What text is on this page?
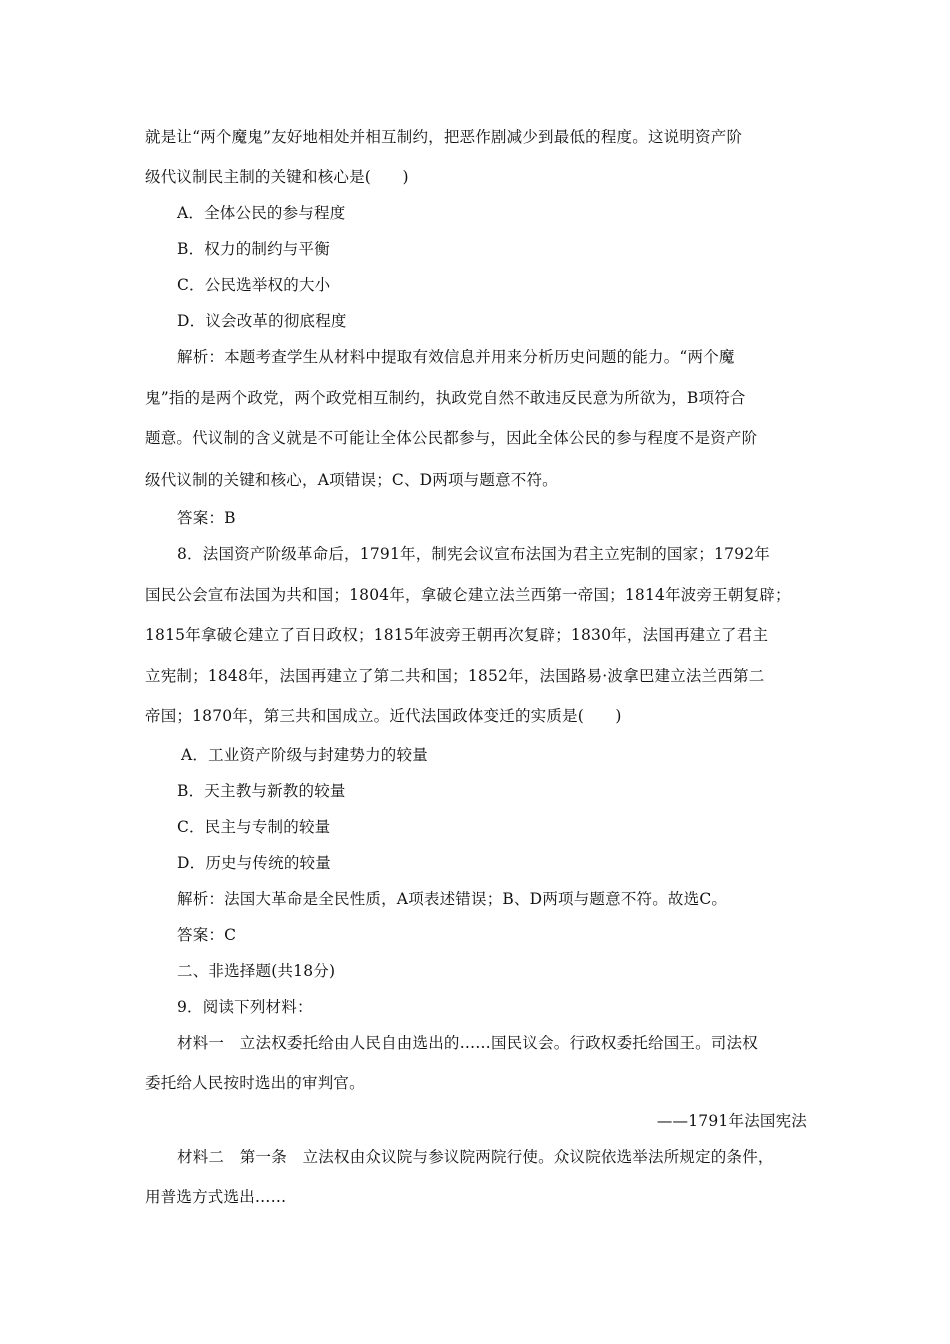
就是让“两个魔鬼”友好地相处并相互制约，把恶作剧减少到最低的程度。这说明资产阶
级代议制民主制的关键和核心是(　　)
A．全体公民的参与程度
B．权力的制约与平衡
C．公民选举权的大小
D．议会改革的彻底程度
解析：本题考查学生从材料中提取有效信息并用来分析历史问题的能力。“两个魔
鬼”指的是两个政党，两个政党相互制约，执政党自然不敢违反民意为所欲为，B项符合
题意。代议制的含义就是不可能让全体公民都参与，因此全体公民的参与程度不是资产阶
级代议制的关键和核心，A项错误；C、D两项与题意不符。
答案：B
8．法国资产阶级革命后，1791年，制宪会议宣布法国为君主立宪制的国家；1792年
国民公会宣布法国为共和国；1804年，拿破仑建立法兰西第一帝国；1814年波旁王朝复辟；
1815年拿破仑建立了百日政权；1815年波旁王朝再次复辟；1830年，法国再建立了君主
立宪制；1848年，法国再建立了第二共和国；1852年，法国路易·波拿巴建立法兰西第二
帝国；1870年，第三共和国成立。近代法国政体变迁的实质是(　　)
A．工业资产阶级与封建势力的较量
B．天主教与新教的较量
C．民主与专制的较量
D．历史与传统的较量
解析：法国大革命是全民性质，A项表述错误；B、D两项与题意不符。故选C。
答案：C
二、非选择题(共18分)
9．阅读下列材料：
材料一　立法权委托给由人民自由选出的……国民议会。行政权委托给国王。司法权
委托给人民按时选出的审判官。
——1791年法国宪法
材料二　第一条　立法权由众议院与参议院两院行使。众议院依选举法所规定的条件，
用普选方式选出……
